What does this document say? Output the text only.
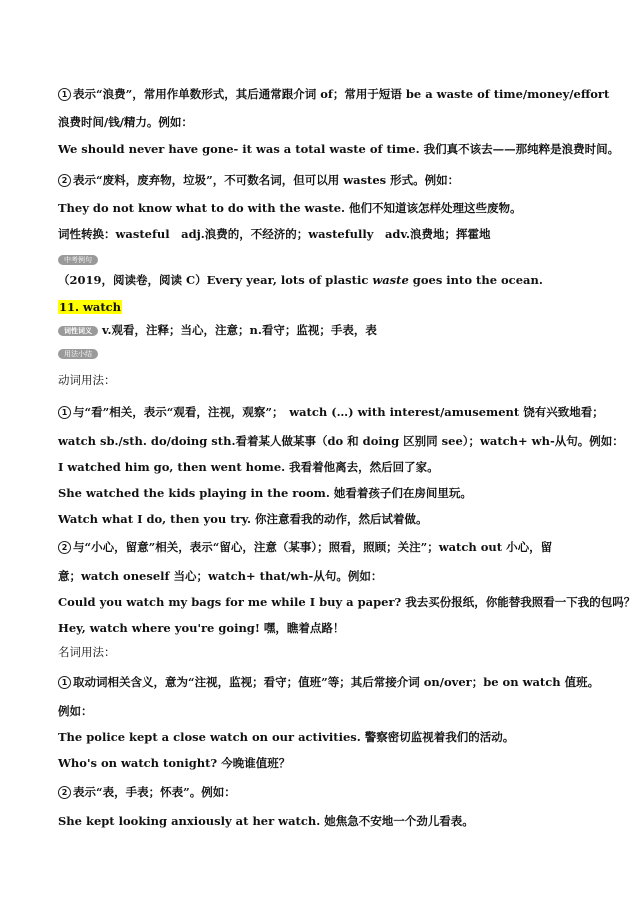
1 表示“浪费”，常用作单数形式，其后通常跟介词 of；常用于短语 be a waste of time/money/effort
浪费时间/钱/精力。例如：
We should never have gone- it was a total waste of time. 我们真不该去——那纯粹是浪费时间。
2 表示“废料，废弃物，垃圾”，不可数名词，但可以用 wastes 形式。例如：
They do not know what to do with the waste. 他们不知道该怎样处理这些废物。
词性转换：wasteful　adj.浪费的，不经济的；wastefully　adv.浪费地；挥霍地
中考例句
（2019，阅读卷，阅读 C）Every year, lots of plastic waste goes into the ocean.
11. watch
词性词义 v.观看，注释；当心，注意；n.看守；监视；手表，表
用法小结
动词用法：
1 与“看”相关，表示“观看，注视，观察”；　watch (…) with interest/amusement 饶有兴致地看；
watch sb./sth. do/doing sth.看着某人做某事（do 和 doing 区别同 see）；watch+ wh-从句。例如：
I watched him go, then went home. 我看着他离去，然后回了家。
She watched the kids playing in the room. 她看着孩子们在房间里玩。
Watch what I do, then you try. 你注意看我的动作，然后试着做。
2 与“小心，留意”相关，表示“留心，注意（某事）；照看，照顾；关注”；watch out 小心，留
意；watch oneself 当心；watch+ that/wh-从句。例如：
Could you watch my bags for me while I buy a paper? 我去买份报纸，你能替我照看一下我的包吗？
Hey, watch where you're going! 嘿，瞧着点路！
名词用法：
1 取动词相关含义，意为“注视，监视；看守；值班”等；其后常接介词 on/over；be on watch 值班。
例如：
The police kept a close watch on our activities. 警察密切监视着我们的活动。
Who's on watch tonight? 今晚谁值班？
2 表示“表，手表；怀表”。例如：
She kept looking anxiously at her watch. 她焦急不安地一个劲儿看表。
